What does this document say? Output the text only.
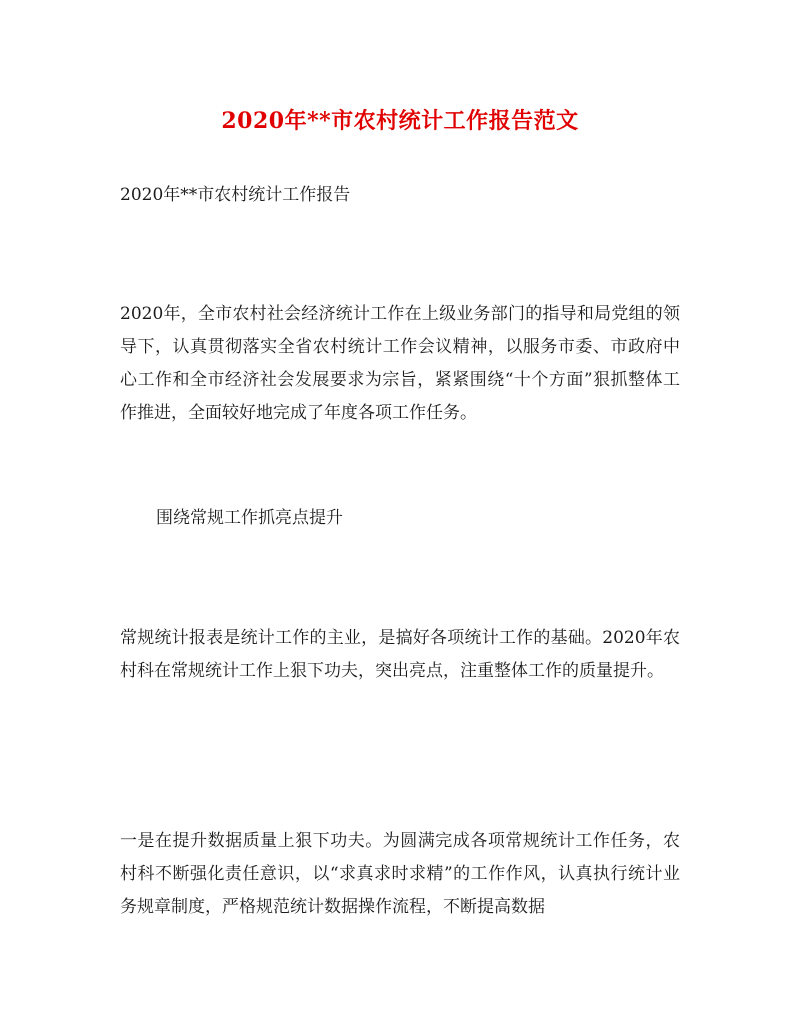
2020年**市农村统计工作报告范文
2020年**市农村统计工作报告

2020年，全市农村社会经济统计工作在上级业务部门的指导和局党组的领导下，认真贯彻落实全省农村统计工作会议精神，以服务市委、市政府中心工作和全市经济社会发展要求为宗旨，紧紧围绕“十个方面”狠抓整体工作推进，全面较好地完成了年度各项工作任务。

围绕常规工作抓亮点提升

常规统计报表是统计工作的主业，是搞好各项统计工作的基础。2020年农村科在常规统计工作上狠下功夫，突出亮点，注重整体工作的质量提升。

一是在提升数据质量上狠下功夫。为圆满完成各项常规统计工作任务，农村科不断强化责任意识，以“求真求时求精”的工作作风，认真执行统计业务规章制度，严格规范统计数据操作流程，不断提高数据
